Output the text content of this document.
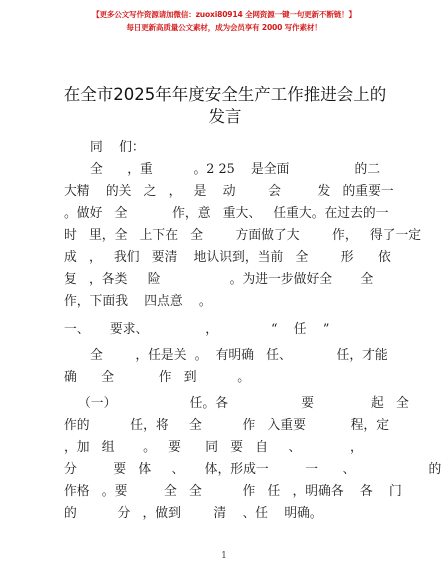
【更多公文写作资源请加微信：zuoxi80914 全网资源一键一句更新不断链！】
每日更新高质量公文素材，成为会员享有 2000 写作素材！
在全市2025年年度安全生产工作推进会上的发言
同    们：
全      ，重          。2 25    是全面                的二
大精    的关   之   ，   是    动        会         发   的重要一
。做好   全           作，意   重大、   任重大。在过去的一
时   里，全   上下在   全        方面做了大        作，   得了一定
成   ，   我们   要清    地认识到，当前   全        形      依
复   ，各类     险                 。为进一步做好全       全
作，下面我    四点意    。
一、     要求、              ，             “    任    ”
全        ，任是关  。  有明确   任、           任，才能
确      全           作   到          。
（一）                  任。各                  要              起   全
作的          任，将     全          作   入重要           程，定
，加   组       。   要      同   要   自     、            ，
分         要   体     、     体，形成一         一      、                  的
作格   。要         全   全          作   任   ，明确各    各    门
的          分   ，做到        清    、任    明确。
1
